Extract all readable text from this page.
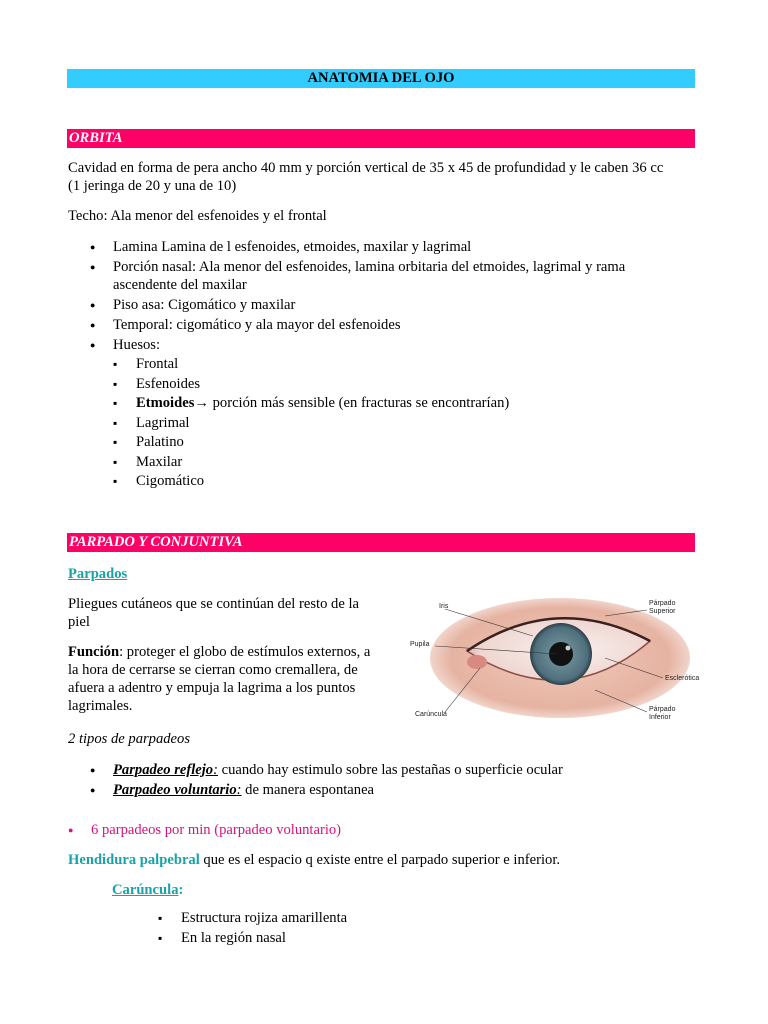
ANATOMIA DEL OJO
ORBITA
Cavidad en forma de pera ancho 40 mm y porción vertical de 35 x 45 de profundidad y le caben 36 cc
(1 jeringa de 20 y una de 10)
Techo: Ala menor del esfenoides y el frontal
● Lamina Lamina de l esfenoides, etmoides, maxilar y lagrimal
● Porción nasal: Ala menor del esfenoides, lamina orbitaria del etmoides, lagrimal y rama ascendente del maxilar
● Piso asa: Cigomático y maxilar
● Temporal: cigomático y ala mayor del esfenoides
● Huesos:
▪ Frontal
▪ Esfenoides
▪ Etmoides→ porción más sensible (en fracturas se encontrarían)
▪ Lagrimal
▪ Palatino
▪ Maxilar
▪ Cigomático
PARPADO Y CONJUNTIVA
Parpados
Pliegues cutáneos que se continúan del resto de la
piel
Función: proteger el globo de estímulos externos, a
la hora de cerrarse se cierran como cremallera, de
afuera a adentro y empuja la lagrima a los puntos
lagrimales.
Iris
Pupila
Carúncula
Párpado
Superior
Esclerótica
Párpado
Inferior
2 tipos de parpadeos
● Parpadeo reflejo: cuando hay estimulo sobre las pestañas o superficie ocular
● Parpadeo voluntario: de manera espontanea
● 6 parpadeos por min (parpadeo voluntario)
Hendidura palpebral que es el espacio q existe entre el parpado superior e inferior.
Carúncula:
▪ Estructura rojiza amarillenta
▪ En la región nasal
